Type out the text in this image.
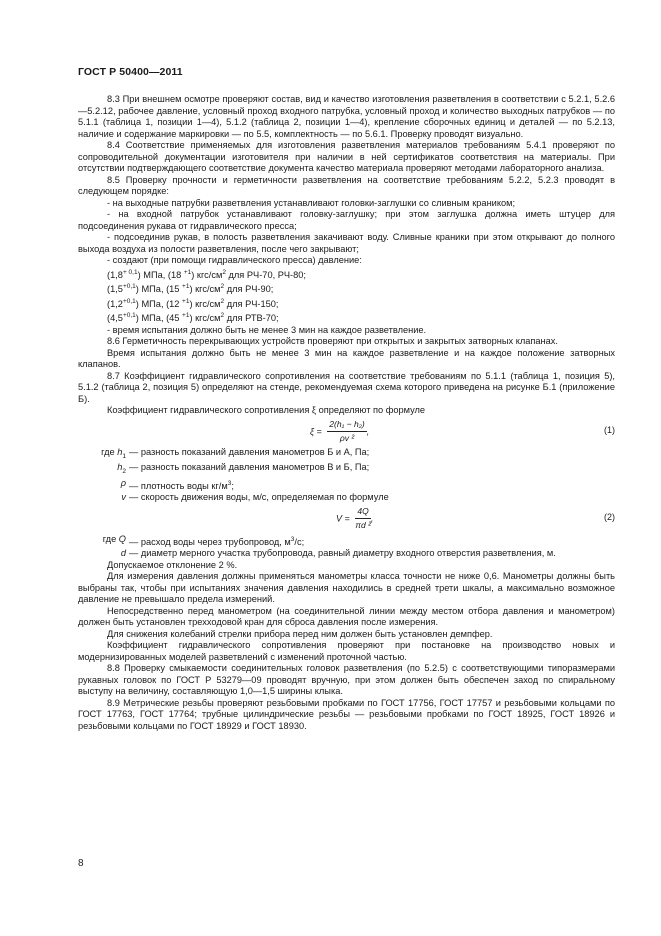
ГОСТ Р 50400—2011

8.3 При внешнем осмотре проверяют состав, вид и качество изготовления разветвления в соответствии с 5.2.1, 5.2.6—5.2.12, рабочее давление, условный проход входного патрубка, условный проход и количество выходных патрубков — по 5.1.1 (таблица 1, позиции 1—4), 5.1.2 (таблица 2, позиции 1—4), крепление сборочных единиц и деталей — по 5.2.13, наличие и содержание маркировки — по 5.5, комплектность — по 5.6.1. Проверку проводят визуально.

8.4 Соответствие применяемых для изготовления разветвления материалов требованиям 5.4.1 проверяют по сопроводительной документации изготовителя при наличии в ней сертификатов соответствия на материалы. При отсутствии подтверждающего соответствие документа качество материала проверяют методами лабораторного анализа.

8.5 Проверку прочности и герметичности разветвления на соответствие требованиям 5.2.2, 5.2.3 проводят в следующем порядке:

- на выходные патрубки разветвления устанавливают головки-заглушки со сливным краником;

- на входной патрубок устанавливают головку-заглушку; при этом заглушка должна иметь штуцер для подсоединения рукава от гидравлического пресса;

- подсоединив рукав, в полость разветвления закачивают воду. Сливные краники при этом открывают до полного выхода воздуха из полости разветвления, после чего закрывают;

- создают (при помощи гидравлического пресса) давление:

$(1,8^{+ 0,1})$ МПа, (18 $^{+1}$) кгс/$см^2$ для РЧ-70, РЧ-80;

$(1,5^{+0,1})$ МПа, (15 $^{+1}$) кгс/$см^2$ для РЧ-90;

$(1,2^{+0,1})$ МПа, (12 $^{+1}$) кгс/$см^2$ для РЧ-150;

$(4,5^{+0,1})$ МПа, (45 $^{+1}$) кгс/$см^2$ для РТВ-70;

- время испытания должно быть не менее 3 мин на каждое разветвление.

8.6 Герметичность перекрывающих устройств проверяют при открытых и закрытых затворных клапанах.

Время испытания должно быть не менее 3 мин на каждое разветвление и на каждое положение затворных клапанов.

8.7 Коэффициент гидравлического сопротивления на соответствие требованиям по 5.1.1 (таблица 1, позиция 5), 5.1.2 (таблица 2, позиция 5) определяют на стенде, рекомендуемая схема которого приведена на рисунке Б.1 (приложение Б).

Коэффициент гидравлического сопротивления ξ определяют по формуле

$\xi = \frac{\text{2(h₁ − h₂)}}{\text{ρv ²}}$ ,	(1)
где $h_1$ — разность показаний давления манометров Б и А, Па;
$h_2$ — разность показаний давления манометров В и Б, Па;
ρ — плотность воды $кг/м^3$;
v — скорость движения воды, м/с, определяемая по формуле
$V = \frac{4Q}{\text{πd ²}}$ ,	(2)
где Q — расход воды через трубопровод, $м^3/с$;
d — диаметр мерного участка трубопровода, равный диаметру входного отверстия разветвления, м.

Допускаемое отклонение 2 %.

Для измерения давления должны применяться манометры класса точности не ниже 0,6. Манометры должны быть выбраны так, чтобы при испытаниях значения давления находились в средней трети шкалы, а максимально возможное давление не превышало предела измерений.

Непосредственно перед манометром (на соединительной линии между местом отбора давления и манометром) должен быть установлен трехходовой кран для сброса давления после измерения.

Для снижения колебаний стрелки прибора перед ним должен быть установлен демпфер.

Коэффициент гидравлического сопротивления проверяют при постановке на производство новых и модернизированных моделей разветвлений с изменений проточной частью.

8.8 Проверку смыкаемости соединительных головок разветвления (по 5.2.5) с соответствующими типоразмерами рукавных головок по ГОСТ Р 53279—09 проводят вручную, при этом должен быть обеспечен заход по спиральному выступу на величину, составляющую 1,0—1,5 ширины клыка.

8.9 Метрические резьбы проверяют резьбовыми пробками по ГОСТ 17756, ГОСТ 17757 и резьбовыми кольцами по ГОСТ 17763, ГОСТ 17764; трубные цилиндрические резьбы — резьбовыми пробками по ГОСТ 18925, ГОСТ 18926 и резьбовыми кольцами по ГОСТ 18929 и ГОСТ 18930.

8
